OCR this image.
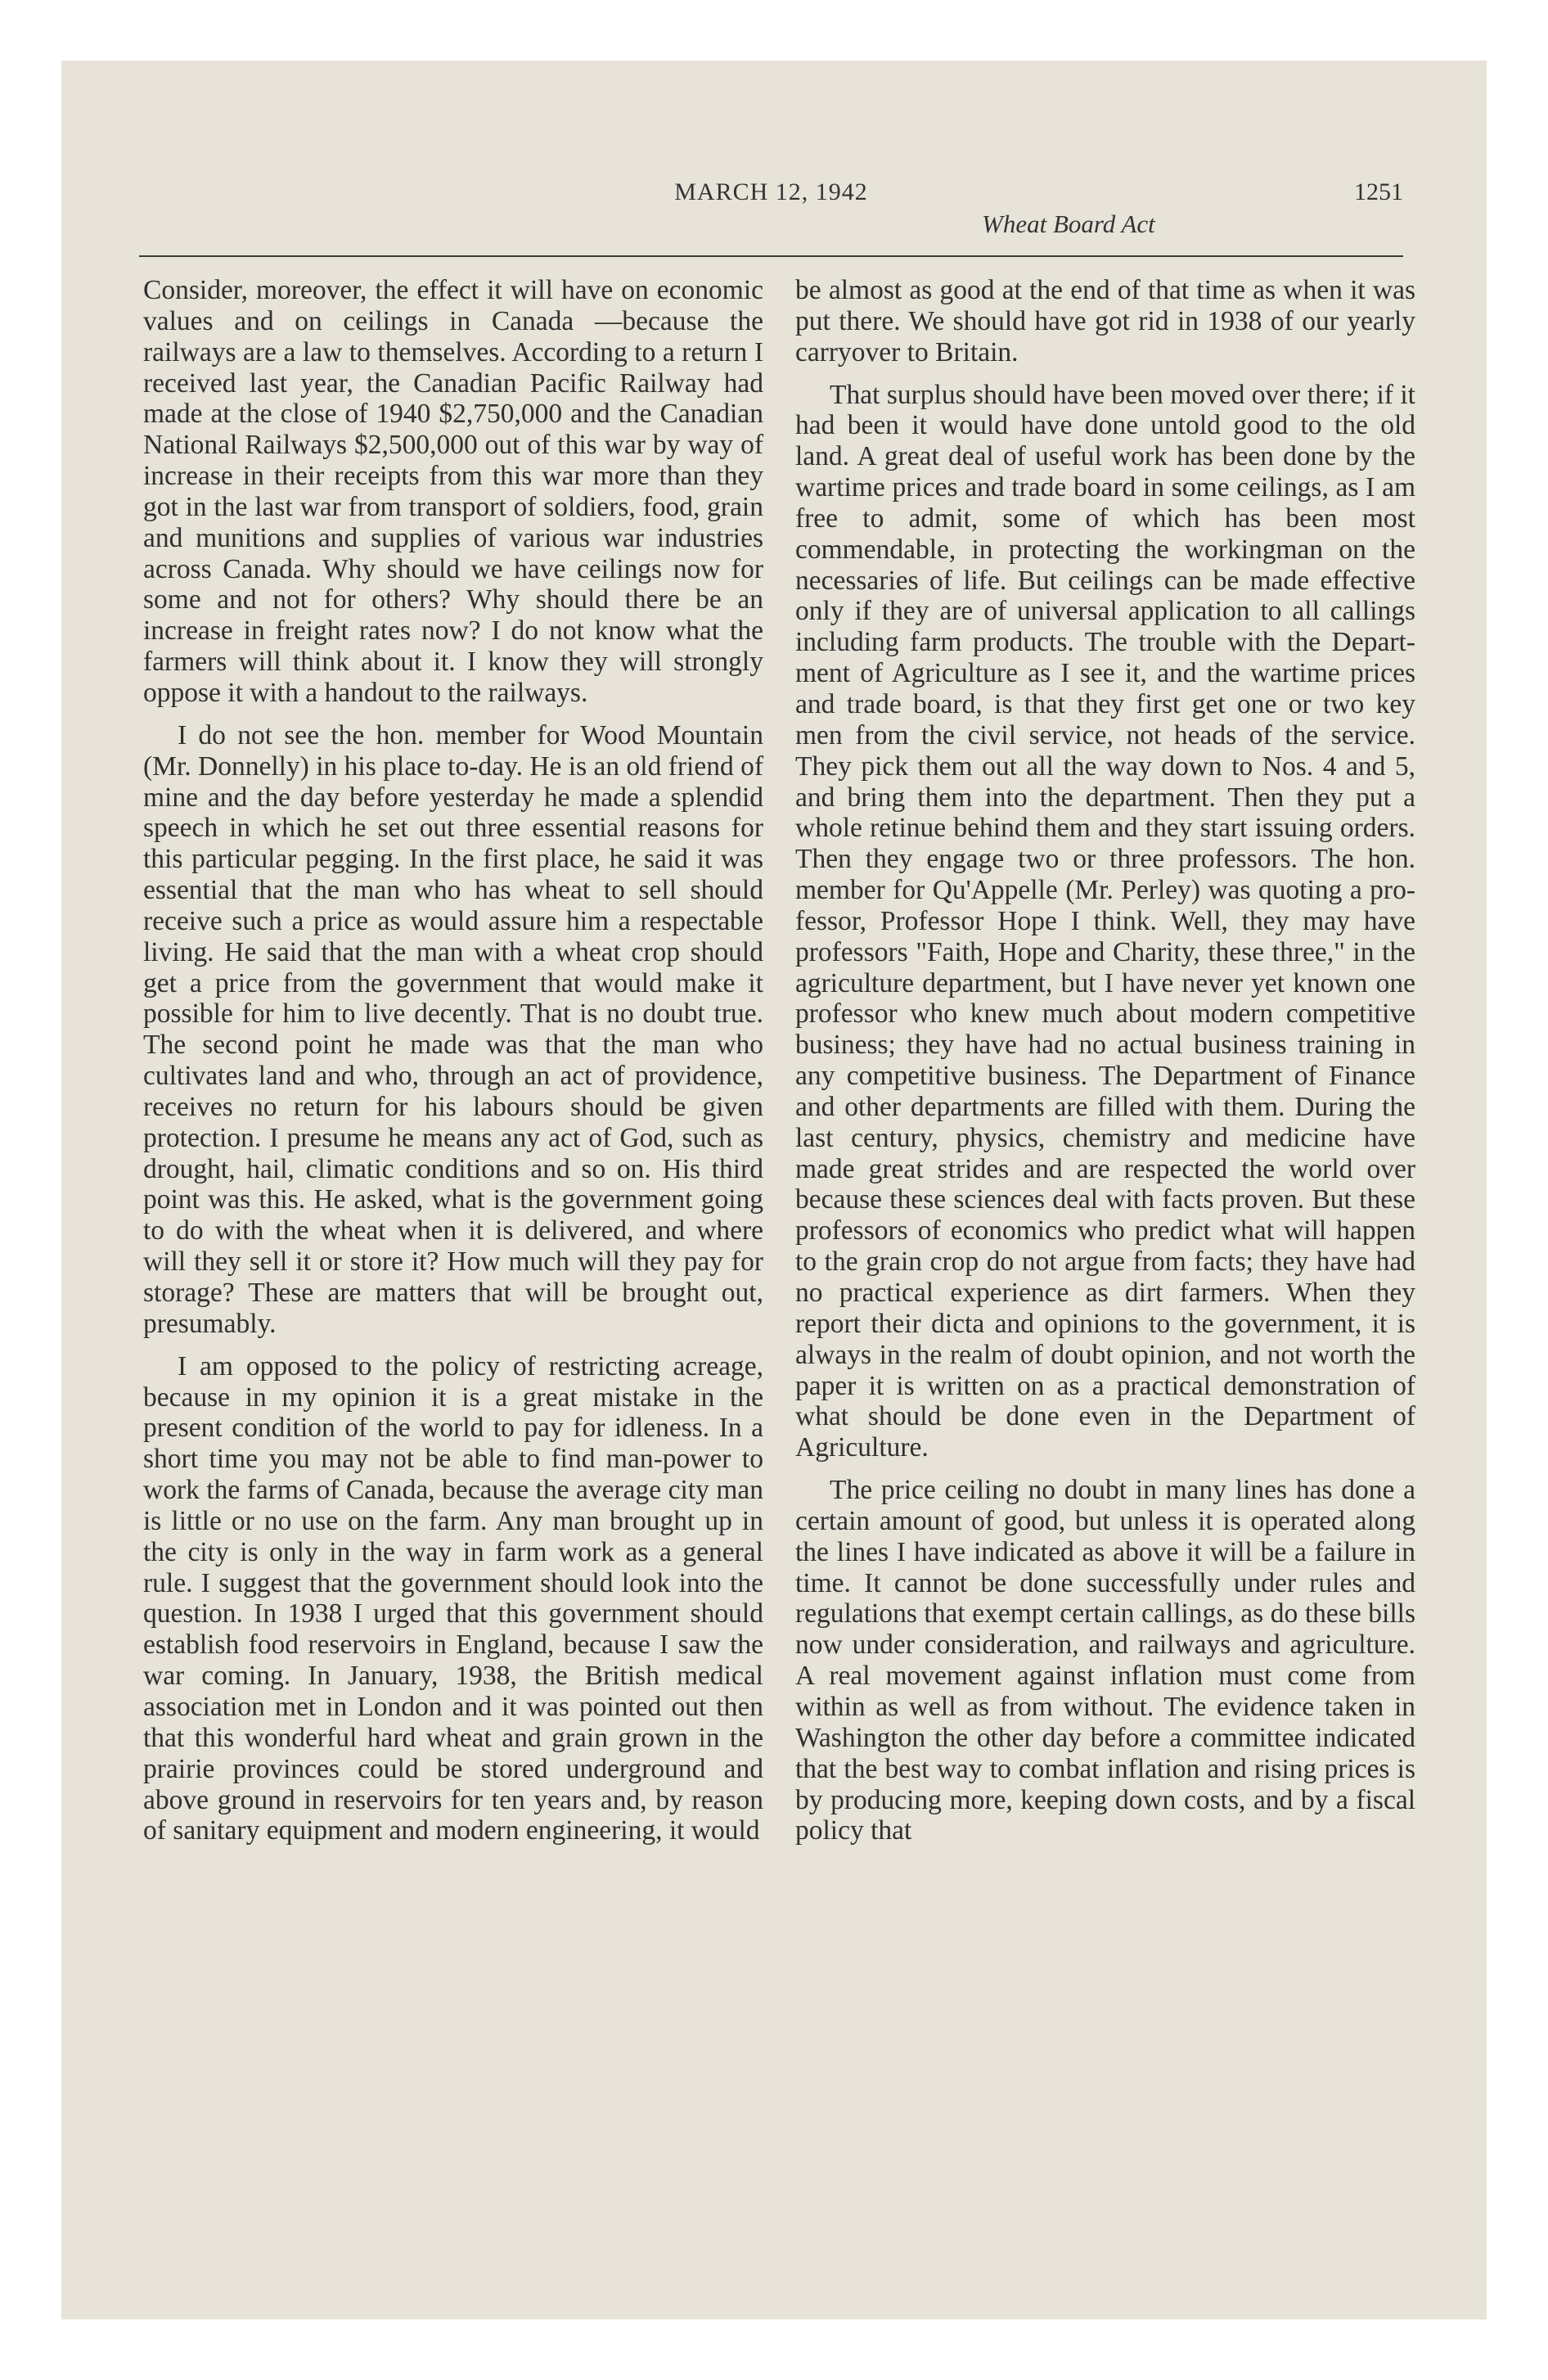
MARCH 12, 1942	1251
Wheat Board Act

Consider, moreover, the effect it will have on economic values and on ceilings in Canada —because the railways are a law to themselves. According to a return I received last year, the Canadian Pacific Railway had made at the close of 1940 $2,750,000 and the Canadian National Railways $2,500,000 out of this war by way of increase in their receipts from this war more than they got in the last war from transport of soldiers, food, grain and munitions and supplies of various war industries across Canada. Why should we have ceilings now for some and not for others? Why should there be an increase in freight rates now? I do not know what the farmers will think about it. I know they will strongly oppose it with a handout to the railways.

I do not see the hon. member for Wood Mountain (Mr. Donnelly) in his place to-day. He is an old friend of mine and the day before yesterday he made a splendid speech in which he set out three essential reasons for this particular pegging. In the first place, he said it was essential that the man who has wheat to sell should receive such a price as would assure him a respectable living. He said that the man with a wheat crop should get a price from the government that would make it possible for him to live decently. That is no doubt true. The second point he made was that the man who cultivates land and who, through an act of providence, receives no return for his labours should be given protection. I presume he means any act of God, such as drought, hail, climatic conditions and so on. His third point was this. He asked, what is the government going to do with the wheat when it is delivered, and where will they sell it or store it? How much will they pay for storage? These are matters that will be brought out, presumably.

I am opposed to the policy of restricting acreage, because in my opinion it is a great mistake in the present condition of the world to pay for idleness. In a short time you may not be able to find man-power to work the farms of Canada, because the average city man is little or no use on the farm. Any man brought up in the city is only in the way in farm work as a general rule. I suggest that the government should look into the question. In 1938 I urged that this government should establish food reservoirs in England, because I saw the war coming. In January, 1938, the British medical association met in London and it was pointed out then that this wonderful hard wheat and grain grown in the prairie provinces could be stored underground and above ground in reservoirs for ten years and, by reason of sanitary equipment and modern engineering, it would

be almost as good at the end of that time as when it was put there. We should have got rid in 1938 of our yearly carryover to Britain.

That surplus should have been moved over there; if it had been it would have done untold good to the old land. A great deal of useful work has been done by the wartime prices and trade board in some ceilings, as I am free to admit, some of which has been most commendable, in protecting the workingman on the necessaries of life. But ceilings can be made effective only if they are of universal application to all callings including farm products. The trouble with the Department of Agriculture as I see it, and the wartime prices and trade board, is that they first get one or two key men from the civil service, not heads of the service. They pick them out all the way down to Nos. 4 and 5, and bring them into the department. Then they put a whole retinue behind them and they start issuing orders. Then they engage two or three professors. The hon. member for Qu'Appelle (Mr. Perley) was quoting a professor, Professor Hope I think. Well, they may have professors "Faith, Hope and Charity, these three," in the agriculture department, but I have never yet known one professor who knew much about modern competitive business; they have had no actual business training in any competitive business. The Department of Finance and other departments are filled with them. During the last century, physics, chemistry and medicine have made great strides and are respected the world over because these sciences deal with facts proven. But these professors of economics who predict what will happen to the grain crop do not argue from facts; they have had no practical experience as dirt farmers. When they report their dicta and opinions to the government, it is always in the realm of doubt opinion, and not worth the paper it is written on as a practical demonstration of what should be done even in the Department of Agriculture.

The price ceiling no doubt in many lines has done a certain amount of good, but unless it is operated along the lines I have indicated as above it will be a failure in time. It cannot be done successfully under rules and regulations that exempt certain callings, as do these bills now under consideration, and railways and agriculture. A real movement against inflation must come from within as well as from without. The evidence taken in Washington the other day before a committee indicated that the best way to combat inflation and rising prices is by producing more, keeping down costs, and by a fiscal policy that
